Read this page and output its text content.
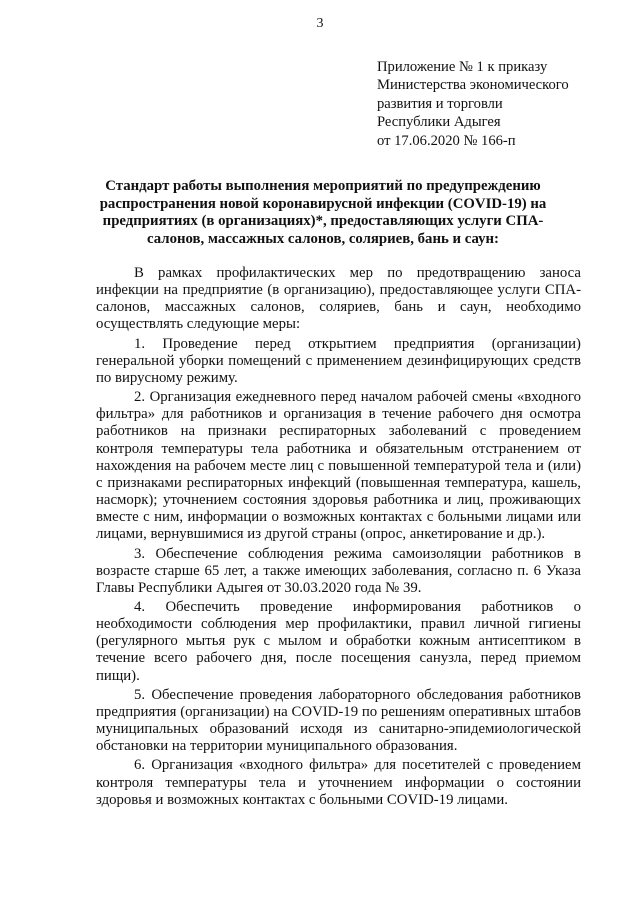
3
Приложение № 1 к приказу
Министерства экономического
развития и торговли
Республики Адыгея
от 17.06.2020 № 166-п
Стандарт работы выполнения мероприятий по предупреждению распространения новой коронавирусной инфекции (COVID-19) на предприятиях (в организациях)*, предоставляющих услуги СПА-салонов, массажных салонов, соляриев, бань и саун:

В рамках профилактических мер по предотвращению заноса инфекции на предприятие (в организацию), предоставляющее услуги СПА-салонов, массажных салонов, соляриев, бань и саун, необходимо осуществлять следующие меры:

1. Проведение перед открытием предприятия (организации) генеральной уборки помещений с применением дезинфицирующих средств по вирусному режиму.

2. Организация ежедневного перед началом рабочей смены «входного фильтра» для работников и организация в течение рабочего дня осмотра работников на признаки респираторных заболеваний с проведением контроля температуры тела работника и обязательным отстранением от нахождения на рабочем месте лиц с повышенной температурой тела и (или) с признаками респираторных инфекций (повышенная температура, кашель, насморк); уточнением состояния здоровья работника и лиц, проживающих вместе с ним, информации о возможных контактах с больными лицами или лицами, вернувшимися из другой страны (опрос, анкетирование и др.).

3. Обеспечение соблюдения режима самоизоляции работников в возрасте старше 65 лет, а также имеющих заболевания, согласно п. 6 Указа Главы Республики Адыгея от 30.03.2020 года № 39.

4. Обеспечить проведение информирования работников о необходимости соблюдения мер профилактики, правил личной гигиены (регулярного мытья рук с мылом и обработки кожным антисептиком в течение всего рабочего дня, после посещения санузла, перед приемом пищи).

5. Обеспечение проведения лабораторного обследования работников предприятия (организации) на COVID-19 по решениям оперативных штабов муниципальных образований исходя из санитарно-эпидемиологической обстановки на территории муниципального образования.

6. Организация «входного фильтра» для посетителей с проведением контроля температуры тела и уточнением информации о состоянии здоровья и возможных контактах с больными COVID-19 лицами.
